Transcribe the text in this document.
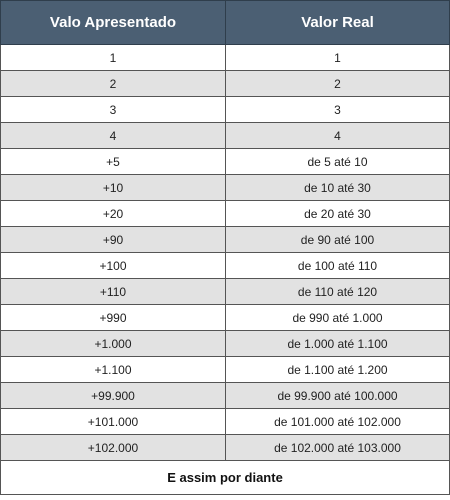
Valo Apresentado	Valor Real
1	1
2	2
3	3
4	4
+5	de 5 até 10
+10	de 10 até 30
+20	de 20 até 30
+90	de 90 até 100
+100	de 100 até 110
+110	de 110 até 120
+990	de 990 até 1.000
+1.000	de 1.000 até 1.100
+1.100	de 1.100 até 1.200
+99.900	de 99.900 até 100.000
+101.000	de 101.000 até 102.000
+102.000	de 102.000 até 103.000
E assim por diante	
